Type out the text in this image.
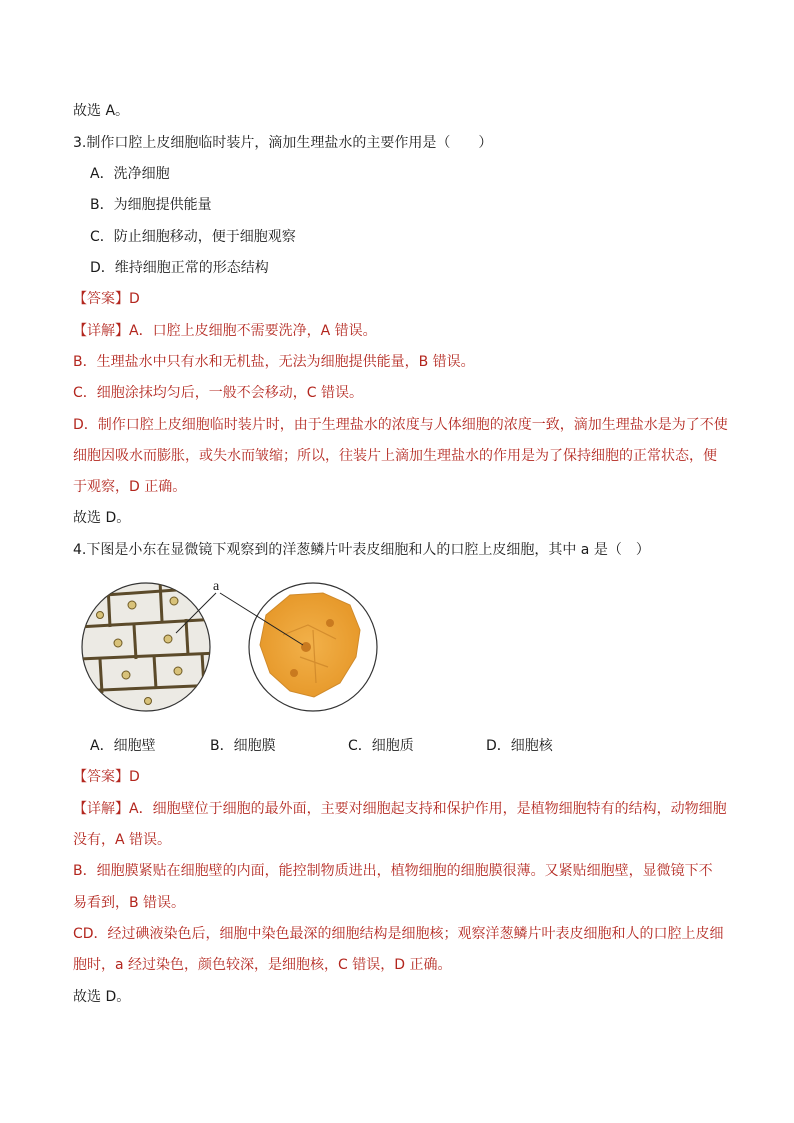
故选 A。
3.制作口腔上皮细胞临时装片，滴加生理盐水的主要作用是（　　）
A．洗净细胞
B．为细胞提供能量
C．防止细胞移动，便于细胞观察
D．维持细胞正常的形态结构
【答案】D
【详解】A．口腔上皮细胞不需要洗净，A 错误。
B．生理盐水中只有水和无机盐，无法为细胞提供能量，B 错误。
C．细胞涂抹均匀后，一般不会移动，C 错误。
D．制作口腔上皮细胞临时装片时，由于生理盐水的浓度与人体细胞的浓度一致，滴加生理盐水是为了不使
细胞因吸水而膨胀，或失水而皱缩；所以，往装片上滴加生理盐水的作用是为了保持细胞的正常状态，便
于观察，D 正确。
故选 D。
4.下图是小东在显微镜下观察到的洋葱鳞片叶表皮细胞和人的口腔上皮细胞，其中 a 是（　）
a
A．细胞壁	B．细胞膜	C．细胞质	D．细胞核
【答案】D
【详解】A．细胞壁位于细胞的最外面，主要对细胞起支持和保护作用，是植物细胞特有的结构，动物细胞
没有，A 错误。
B．细胞膜紧贴在细胞壁的内面，能控制物质进出，植物细胞的细胞膜很薄。又紧贴细胞壁，显微镜下不
易看到，B 错误。
CD．经过碘液染色后，细胞中染色最深的细胞结构是细胞核；观察洋葱鳞片叶表皮细胞和人的口腔上皮细
胞时，a 经过染色，颜色较深，是细胞核，C 错误，D 正确。
故选 D。
